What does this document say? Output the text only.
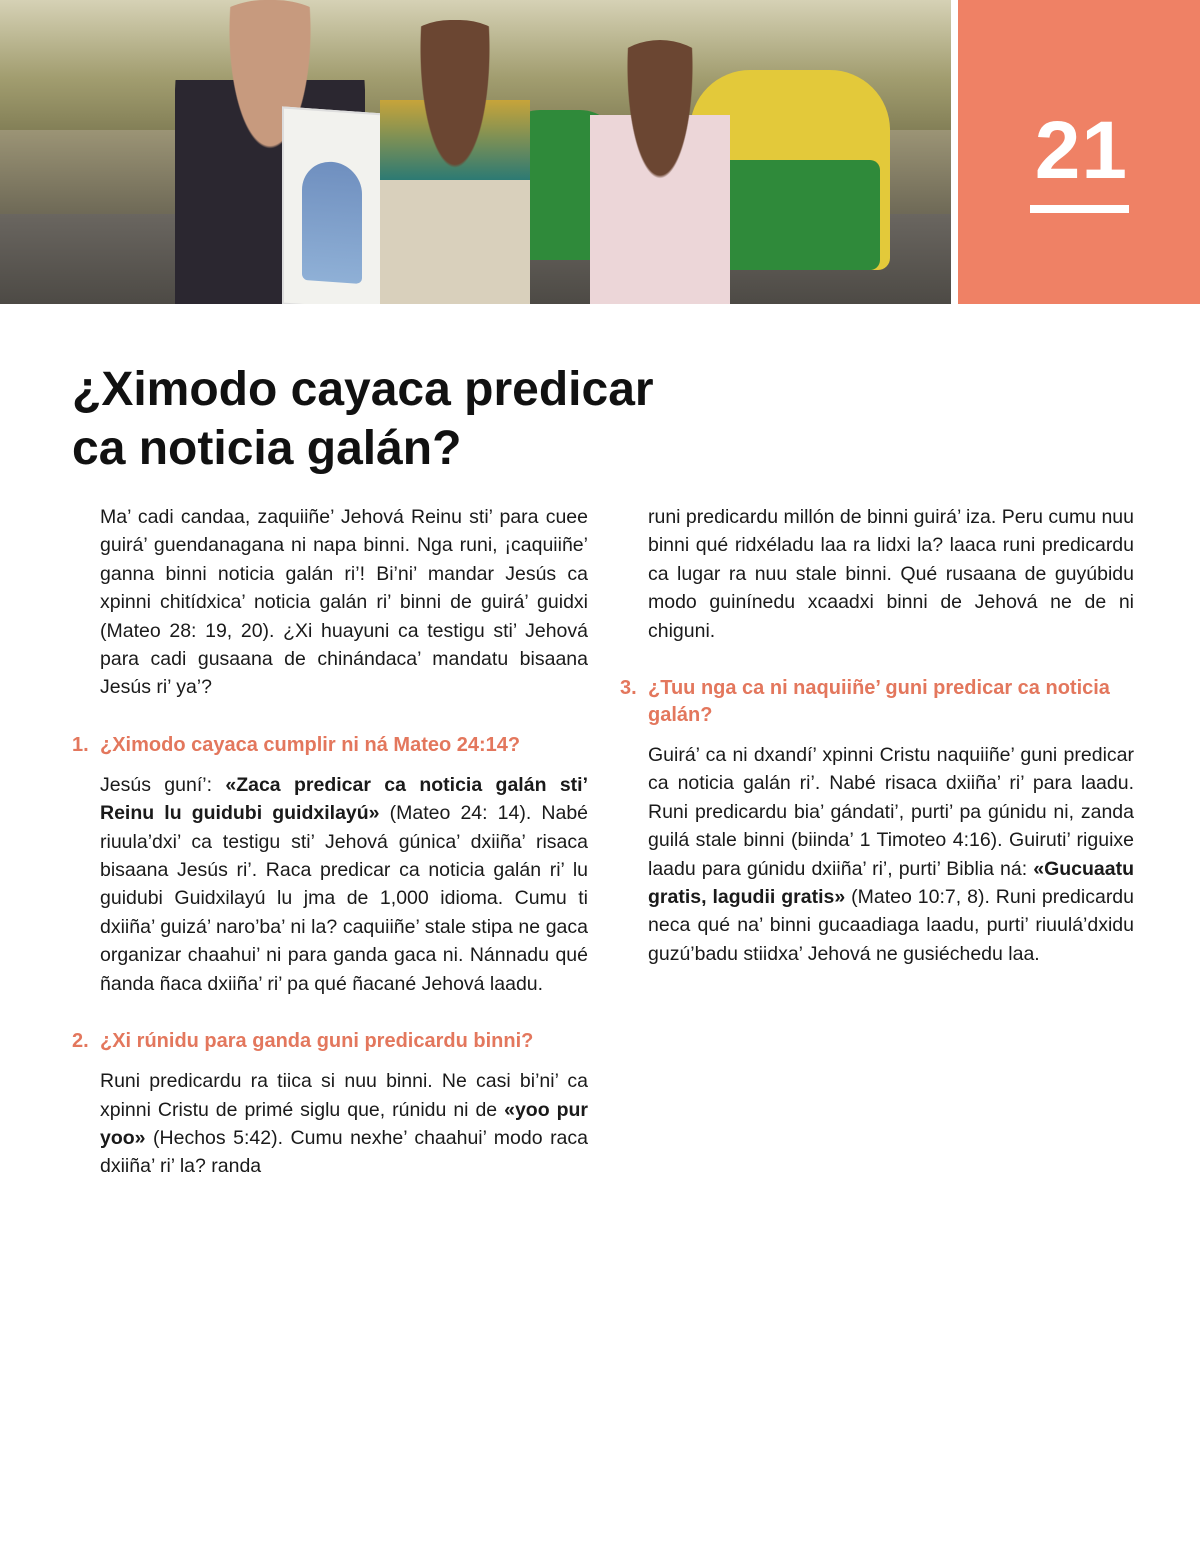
21
¿Ximodo cayaca predicar
ca noticia galán?

Ma’ cadi candaa, zaquiiñe’ Jehová Reinu sti’ para cuee guirá’ guendanagana ni napa binni. Nga runi, ¡caquiiñe’ ganna binni noticia galán ri’! Bi’ni’ mandar Jesús ca xpinni chitídxica’ noticia galán ri’ binni de guirá’ guidxi (Mateo 28: 19, 20). ¿Xi huayuni ca testigu sti’ Jehová para cadi gusaana de chinándaca’ mandatu bisaana Jesús ri’ ya’?

1. ¿Ximodo cayaca cumplir ni ná Mateo 24:14?

Jesús guní’: «Zaca predicar ca noticia galán sti’ Reinu lu guidubi guidxilayú» (Mateo 24: 14). Nabé riuula’dxi’ ca testigu sti’ Jehová gúnica’ dxiiña’ risaca bisaana Jesús ri’. Raca predicar ca noticia galán ri’ lu guidubi Guidxilayú lu jma de 1,000 idioma. Cumu ti dxiiña’ guizá’ naro’ba’ ni la? caquiiñe’ stale stipa ne gaca organizar chaahui’ ni para ganda gaca ni. Nánnadu qué ñanda ñaca dxiiña’ ri’ pa qué ñacané Jehová laadu.

2. ¿Xi rúnidu para ganda guni predicardu binni?

Runi predicardu ra tiica si nuu binni. Ne casi bi’ni’ ca xpinni Cristu de primé siglu que, rúnidu ni de «yoo pur yoo» (Hechos 5:42). Cumu nexhe’ chaahui’ modo raca dxiiña’ ri’ la? randa

runi predicardu millón de binni guirá’ iza. Peru cumu nuu binni qué ridxéladu laa ra lidxi la? laaca runi predicardu ca lugar ra nuu stale binni. Qué rusaana de guyúbidu modo guinínedu xcaadxi binni de Jehová ne de ni chiguni.

3. ¿Tuu nga ca ni naquiiñe’ guni predicar ca noticia galán?

Guirá’ ca ni dxandí’ xpinni Cristu naquiiñe’ guni predicar ca noticia galán ri’. Nabé risaca dxiiña’ ri’ para laadu. Runi predicardu bia’ gándati’, purti’ pa gúnidu ni, zanda guilá stale binni (biinda’ 1 Timoteo 4:16). Guiruti’ riguixe laadu para gúnidu dxiiña’ ri’, purti’ Biblia ná: «Gucuaatu gratis, lagudii gratis» (Mateo 10:7, 8). Runi predicardu neca qué na’ binni gucaadiaga laadu, purti’ riuulá’dxidu guzú’badu stiidxa’ Jehová ne gusiéchedu laa.
